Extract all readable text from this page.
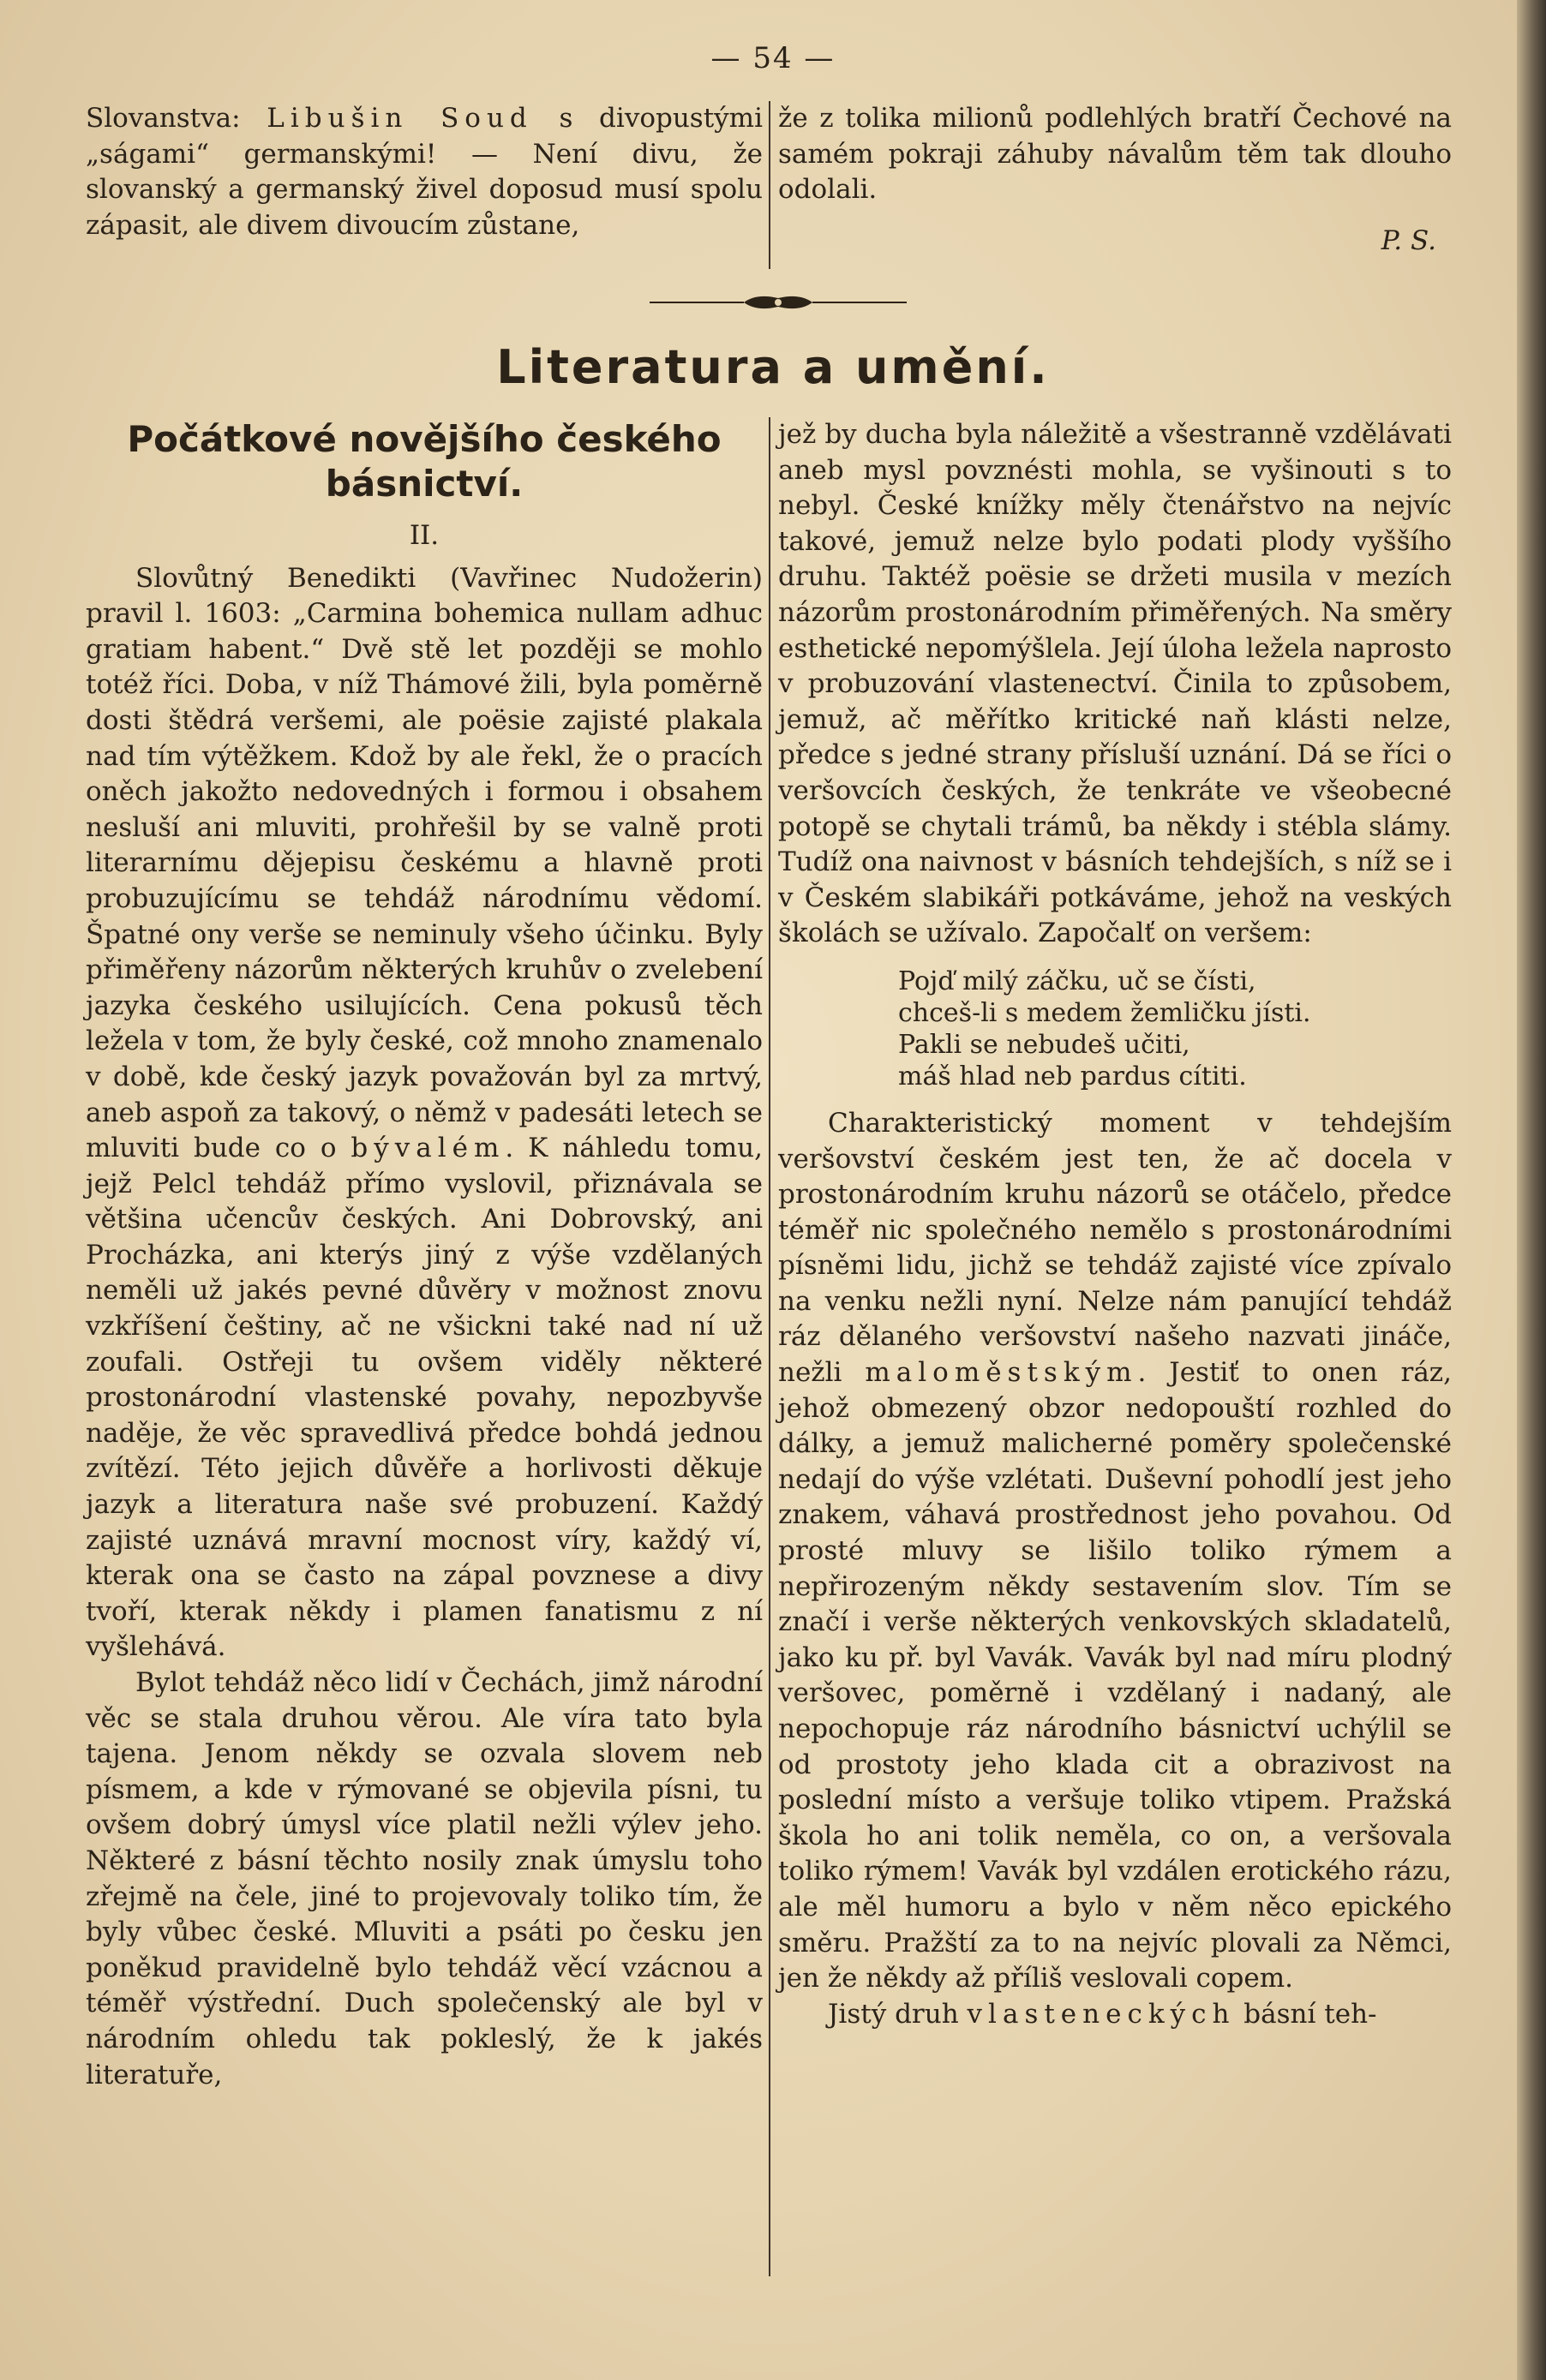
— 54 —

Slovanstva: Libušin Soud s divopustými „ságami“ germanskými! — Není divu, že slovanský a germanský živel doposud musí spolu zápasit, ale divem divoucím zůstane,

že z tolika milionů podlehlých bratří Čechové na samém pokraji záhuby návalům těm tak dlouho odolali.

P. S.
Literatura a umění.
Počátkové novějšího českého básnictví.
II.

Slovůtný Benedikti (Vavřinec Nudožerin) pravil l. 1603: „Carmina bohemica nullam adhuc gratiam habent.“ Dvě stě let později se mohlo totéž říci. Doba, v níž Thámové žili, byla poměrně dosti štědrá veršemi, ale poësie zajisté plakala nad tím výtěžkem. Kdož by ale řekl, že o pracích oněch jakožto nedovedných i formou i obsahem nesluší ani mluviti, prohřešil by se valně proti literarnímu dějepisu českému a hlavně proti probuzujícímu se tehdáž národnímu vědomí. Špatné ony verše se neminuly všeho účinku. Byly přiměřeny názorům některých kruhův o zvelebení jazyka českého usilujících. Cena pokusů těch ležela v tom, že byly české, což mnoho znamenalo v době, kde český jazyk považován byl za mrtvý, aneb aspoň za takový, o němž v padesáti letech se mluviti bude co o bývalém. K náhledu tomu, jejž Pelcl tehdáž přímo vyslovil, přiznávala se většina učencův českých. Ani Dobrovský, ani Procházka, ani kterýs jiný z výše vzdělaných neměli už jakés pevné důvěry v možnost znovu vzkříšení češtiny, ač ne všickni také nad ní už zoufali. Ostřeji tu ovšem viděly některé prostonárodní vlastenské povahy, nepozbyvše naděje, že věc spravedlivá předce bohdá jednou zvítězí. Této jejich důvěře a horlivosti děkuje jazyk a literatura naše své probuzení. Každý zajisté uznává mravní mocnost víry, každý ví, kterak ona se často na zápal povznese a divy tvoří, kterak někdy i plamen fanatismu z ní vyšlehává.

Bylot tehdáž něco lidí v Čechách, jimž národní věc se stala druhou věrou. Ale víra tato byla tajena. Jenom někdy se ozvala slovem neb písmem, a kde v rýmované se objevila písni, tu ovšem dobrý úmysl více platil nežli výlev jeho. Některé z básní těchto nosily znak úmyslu toho zřejmě na čele, jiné to projevovaly toliko tím, že byly vůbec české. Mluviti a psáti po česku jen poněkud pravidelně bylo tehdáž věcí vzácnou a téměř výstřední. Duch společenský ale byl v národním ohledu tak pokleslý, že k jakés literatuře,

jež by ducha byla náležitě a všestranně vzdělávati aneb mysl povznésti mohla, se vyšinouti s to nebyl. České knížky měly čtenářstvo na nejvíc takové, jemuž nelze bylo podati plody vyššího druhu. Taktéž poësie se držeti musila v mezích názorům prostonárodním přiměřených. Na směry esthetické nepomýšlela. Její úloha ležela naprosto v probuzování vlastenectví. Činila to způsobem, jemuž, ač měřítko kritické naň klásti nelze, předce s jedné strany přísluší uznání. Dá se říci o veršovcích českých, že tenkráte ve všeobecné potopě se chytali trámů, ba někdy i stébla slámy. Tudíž ona naivnost v básních tehdejších, s níž se i v Českém slabikáři potkáváme, jehož na veských školách se užívalo. Započalť on veršem:

Pojď milý záčku, uč se čísti,
chceš-li s medem žemličku jísti.
Pakli se nebudeš učiti,
máš hlad neb pardus cítiti.

Charakteristický moment v tehdejším veršovství českém jest ten, že ač docela v prostonárodním kruhu názorů se otáčelo, předce téměř nic společného nemělo s prostonárodními písněmi lidu, jichž se tehdáž zajisté více zpívalo na venku nežli nyní. Nelze nám panující tehdáž ráz dělaného veršovství našeho nazvati jináče, nežli maloměstským. Jestiť to onen ráz, jehož obmezený obzor nedopouští rozhled do dálky, a jemuž malicherné poměry společenské nedají do výše vzlétati. Duševní pohodlí jest jeho znakem, váhavá prostřednost jeho povahou. Od prosté mluvy se lišilo toliko rýmem a nepřirozeným někdy sestavením slov. Tím se značí i verše některých venkovských skladatelů, jako ku př. byl Vavák. Vavák byl nad míru plodný veršovec, poměrně i vzdělaný i nadaný, ale nepochopuje ráz národního básnictví uchýlil se od prostoty jeho klada cit a obrazivost na poslední místo a veršuje toliko vtipem. Pražská škola ho ani tolik neměla, co on, a veršovala toliko rýmem! Vavák byl vzdálen erotického rázu, ale měl humoru a bylo v něm něco epického směru. Pražští za to na nejvíc plovali za Němci, jen že někdy až příliš veslovali copem.

Jistý druh vlasteneckých básní teh-
